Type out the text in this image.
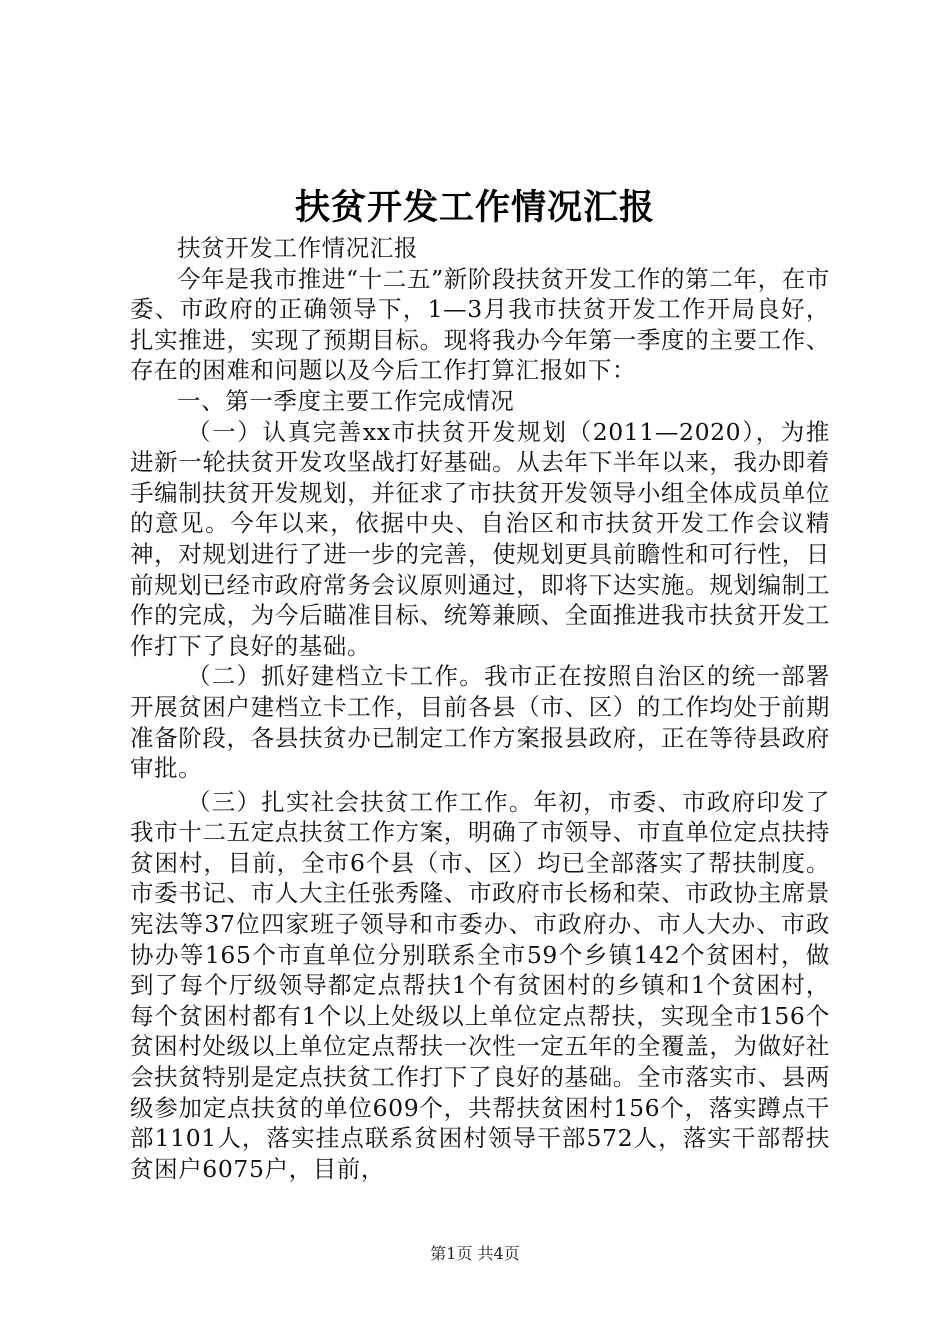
扶贫开发工作情况汇报

扶贫开发工作情况汇报

今年是我市推进“十二五”新阶段扶贫开发工作的第二年，在市委、市政府的正确领导下，1—3月我市扶贫开发工作开局良好，扎实推进，实现了预期目标。现将我办今年第一季度的主要工作、存在的困难和问题以及今后工作打算汇报如下：

一、第一季度主要工作完成情况

（一）认真完善xx市扶贫开发规划（2011—2020），为推进新一轮扶贫开发攻坚战打好基础。从去年下半年以来，我办即着手编制扶贫开发规划，并征求了市扶贫开发领导小组全体成员单位的意见。今年以来，依据中央、自治区和市扶贫开发工作会议精神，对规划进行了进一步的完善，使规划更具前瞻性和可行性，日前规划已经市政府常务会议原则通过，即将下达实施。规划编制工作的完成，为今后瞄准目标、统筹兼顾、全面推进我市扶贫开发工作打下了良好的基础。

（二）抓好建档立卡工作。我市正在按照自治区的统一部署开展贫困户建档立卡工作，目前各县（市、区）的工作均处于前期准备阶段，各县扶贫办已制定工作方案报县政府，正在等待县政府审批。

（三）扎实社会扶贫工作工作。年初，市委、市政府印发了我市十二五定点扶贫工作方案，明确了市领导、市直单位定点扶持贫困村，目前，全市6个县（市、区）均已全部落实了帮扶制度。市委书记、市人大主任张秀隆、市政府市长杨和荣、市政协主席景宪法等37位四家班子领导和市委办、市政府办、市人大办、市政协办等165个市直单位分别联系全市59个乡镇142个贫困村，做到了每个厅级领导都定点帮扶1个有贫困村的乡镇和1个贫困村，每个贫困村都有1个以上处级以上单位定点帮扶，实现全市156个贫困村处级以上单位定点帮扶一次性一定五年的全覆盖，为做好社会扶贫特别是定点扶贫工作打下了良好的基础。全市落实市、县两级参加定点扶贫的单位609个，共帮扶贫困村156个，落实蹲点干部1101人，落实挂点联系贫困村领导干部572人，落实干部帮扶贫困户6075户，目前，

第1页 共4页
